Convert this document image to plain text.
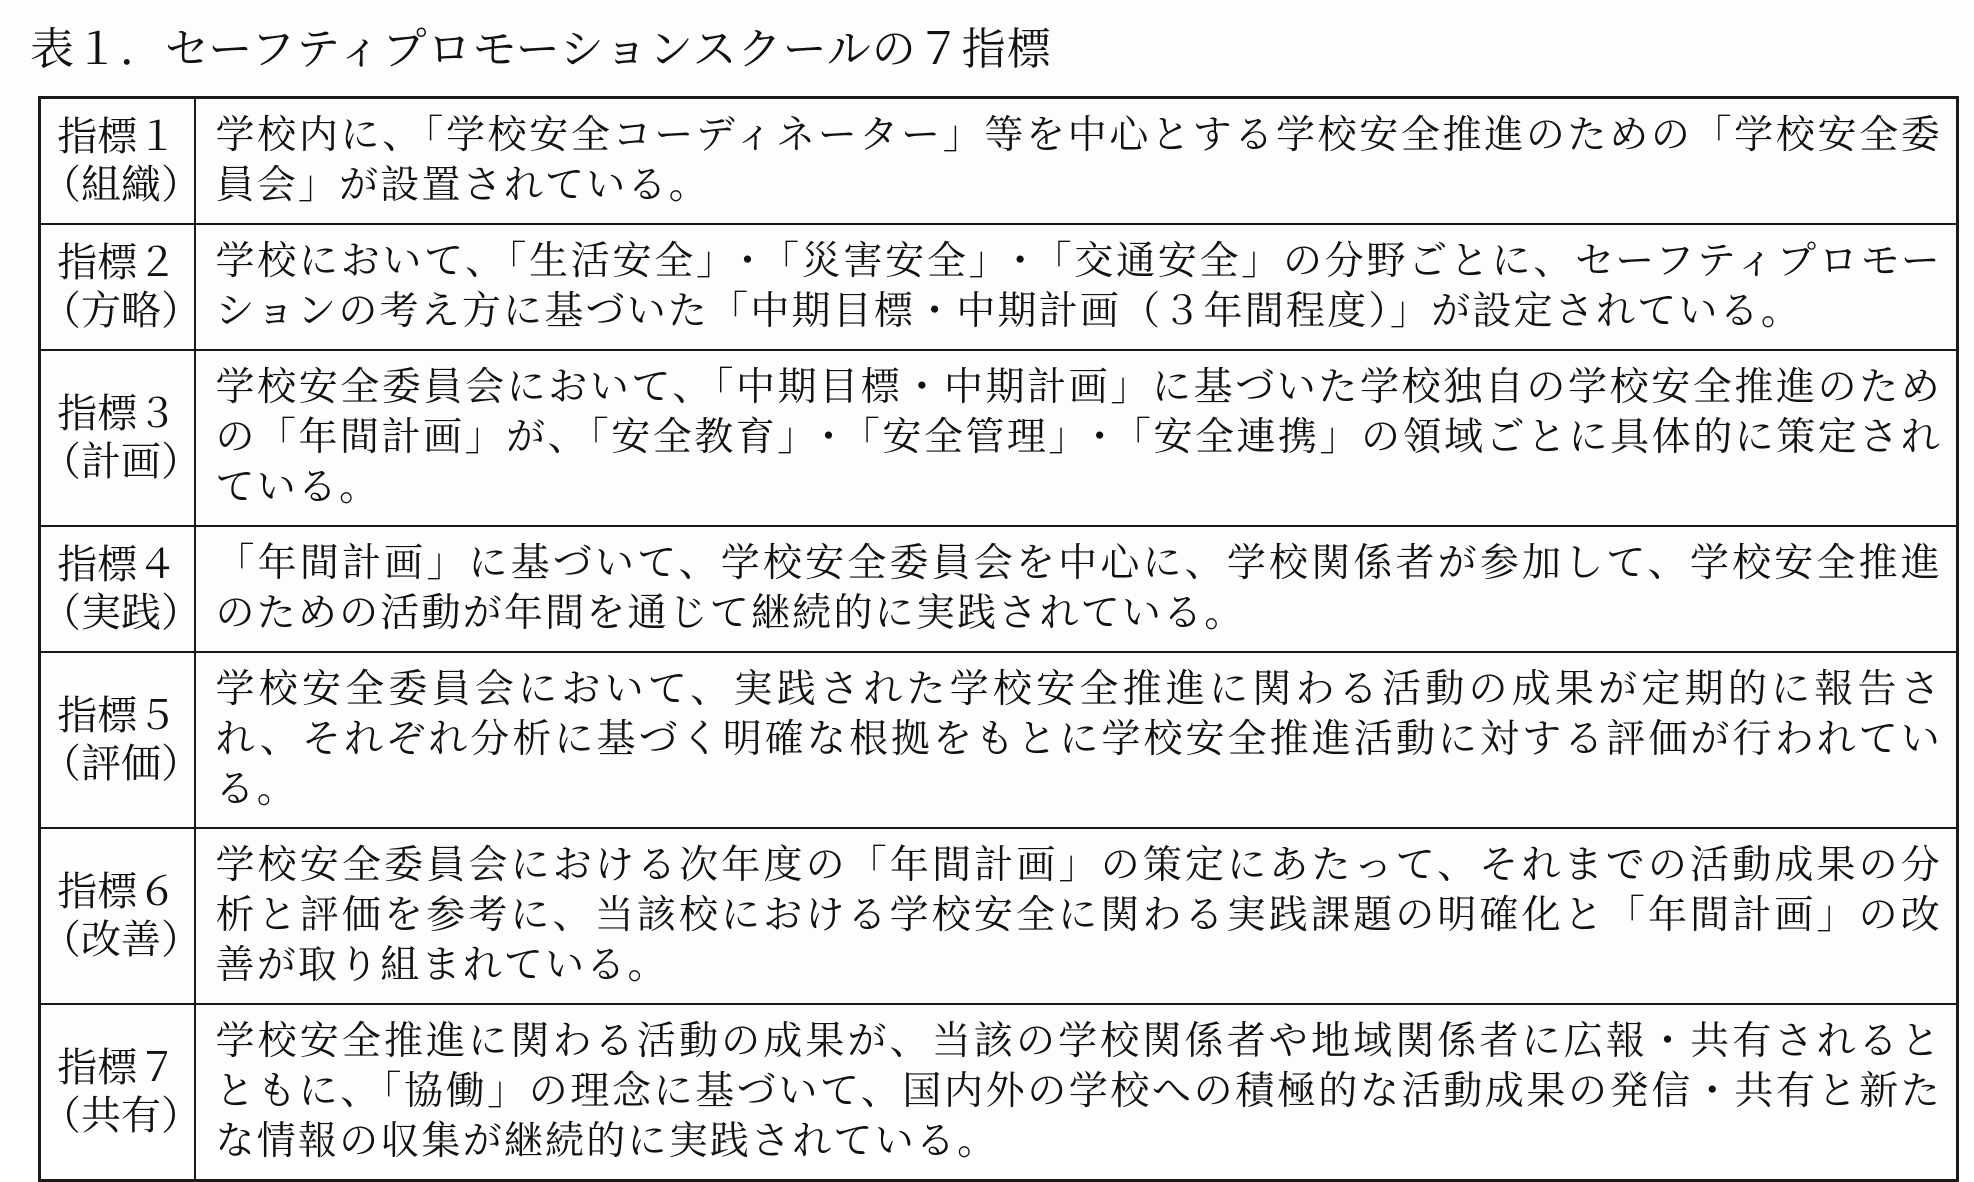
表１．セーフティプロモーションスクールの７指標
指標１
（組織）	学校内に、「学校安全コーディネーター」等を中心とする学校安全推進のための「学校安全委員会」が設置されている。

指標２
（方略）	学校において、「生活安全」･「災害安全」･「交通安全」の分野ごとに、セーフティプロモーションの考え方に基づいた「中期目標・中期計画（３年間程度）」が設定されている。

指標３
（計画）	学校安全委員会において、「中期目標・中期計画」に基づいた学校独自の学校安全推進のための「年間計画」が、「安全教育」･「安全管理」･「安全連携」の領域ごとに具体的に策定されている。

指標４
（実践）	「年間計画」に基づいて、学校安全委員会を中心に、学校関係者が参加して、学校安全推進のための活動が年間を通じて継続的に実践されている。

指標５
（評価）	学校安全委員会において、実践された学校安全推進に関わる活動の成果が定期的に報告され、それぞれ分析に基づく明確な根拠をもとに学校安全推進活動に対する評価が行われている。

指標６
（改善）	学校安全委員会における次年度の「年間計画」の策定にあたって、それまでの活動成果の分析と評価を参考に、当該校における学校安全に関わる実践課題の明確化と「年間計画」の改善が取り組まれている。

指標７
（共有）	学校安全推進に関わる活動の成果が、当該の学校関係者や地域関係者に広報・共有されるとともに、「協働」の理念に基づいて、国内外の学校への積極的な活動成果の発信・共有と新たな情報の収集が継続的に実践されている。
